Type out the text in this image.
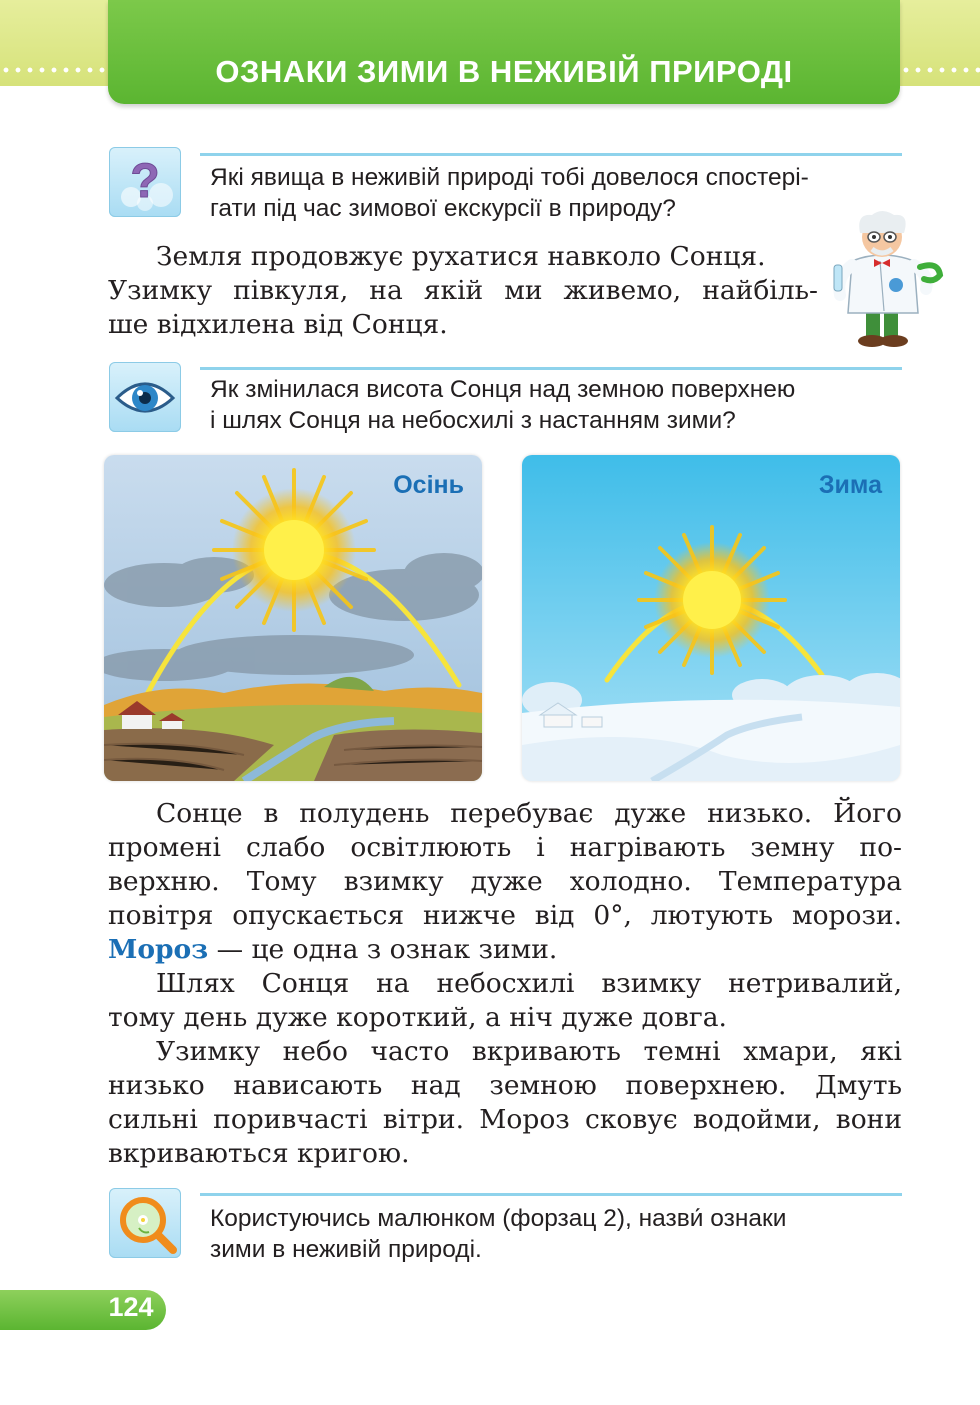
ОЗНАКИ ЗИМИ В НЕЖИВІЙ ПРИРОДІ
? Які явища в неживій природі тобі довелося спостері-
гати під час зимової екскурсії в природу?
Земля продовжує рухатися навколо Сонця.
Узимку півкуля, на якій ми живемо, найбіль-
ше відхилена від Сонця.
Як змінилася висота Сонця над земною поверхнею
і шлях Сонця на небосхилі з настанням зими?
Осінь	Зима
Сонце в полудень перебуває дуже низько. Його
промені слабо освітлюють і нагрівають земну по-
верхню. Тому взимку дуже холодно. Температура
повітря опускається нижче від 0°, лютують морози.
Мороз — це одна з ознак зими.
Шлях Сонця на небосхилі взимку нетривалий,
тому день дуже короткий, а ніч дуже довга.
Узимку небо часто вкривають темні хмари, які
низько нависають над земною поверхнею. Дмуть
сильні поривчасті вітри. Мороз сковує водойми, вони
вкриваються кригою.
Користуючись малюнком (форзац 2), назви́ ознаки
зими в неживій природі.
124
